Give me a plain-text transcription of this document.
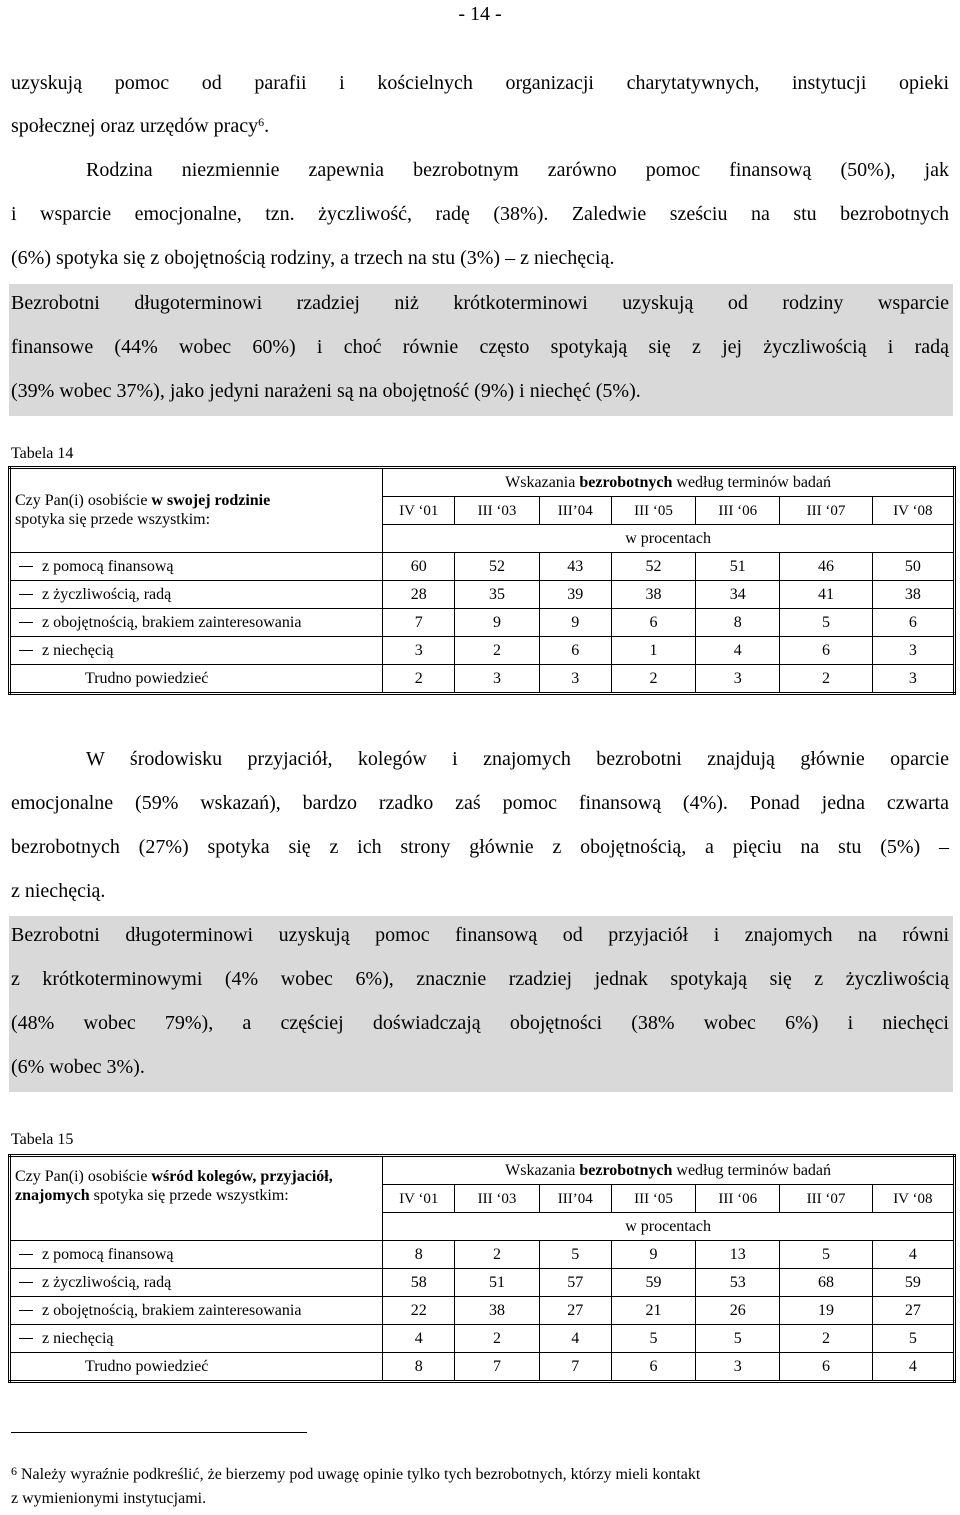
- 14 -
uzyskują pomoc od parafii i kościelnych organizacji charytatywnych, instytucji opieki
społecznej oraz urzędów pracy$^6$.
Rodzina niezmiennie zapewnia bezrobotnym zarówno pomoc finansową (50%), jak
i wsparcie emocjonalne, tzn. życzliwość, radę (38%). Zaledwie sześciu na stu bezrobotnych
(6%) spotyka się z obojętnością rodziny, a trzech na stu (3%) – z niechęcią.
Bezrobotni długoterminowi rzadziej niż krótkoterminowi uzyskują od rodziny wsparcie
finansowe (44% wobec 60%) i choć równie często spotykają się z jej życzliwością i radą
(39% wobec 37%), jako jedyni narażeni są na obojętność (9%) i niechęć (5%).
Tabela 14
Czy Pan(i) osobiście w swojej rodzinie
spotyka się przede wszystkim:	Wskazania bezrobotnych według terminów badań						
	IV ‘01	III ‘03	III’04	III ‘05	III ‘06	III ‘07	IV ‘08
	w procentach						
z pomocą finansową	60	52	43	52	51	46	50
z życzliwością, radą	28	35	39	38	34	41	38
z obojętnością, brakiem zainteresowania	7	9	9	6	8	5	6
z niechęcią	3	2	6	1	4	6	3
Trudno powiedzieć	2	3	3	2	3	2	3
W środowisku przyjaciół, kolegów i znajomych bezrobotni znajdują głównie oparcie
emocjonalne (59% wskazań), bardzo rzadko zaś pomoc finansową (4%). Ponad jedna czwarta
bezrobotnych (27%) spotyka się z ich strony głównie z obojętnością, a pięciu na stu (5%) –
z niechęcią.
Bezrobotni długoterminowi uzyskują pomoc finansową od przyjaciół i znajomych na równi
z krótkoterminowymi (4% wobec 6%), znacznie rzadziej jednak spotykają się z życzliwością
(48% wobec 79%), a częściej doświadczają obojętności (38% wobec 6%) i niechęci
(6% wobec 3%).
Tabela 15
Czy Pan(i) osobiście wśród kolegów, przyjaciół, znajomych spotyka się przede wszystkim:	Wskazania bezrobotnych według terminów badań						
	IV ‘01	III ‘03	III’04	III ‘05	III ‘06	III ‘07	IV ‘08
	w procentach						
z pomocą finansową	8	2	5	9	13	5	4
z życzliwością, radą	58	51	57	59	53	68	59
z obojętnością, brakiem zainteresowania	22	38	27	21	26	19	27
z niechęcią	4	2	4	5	5	2	5
Trudno powiedzieć	8	7	7	6	3	6	4
$^6$ Należy wyraźnie podkreślić, że bierzemy pod uwagę opinie tylko tych bezrobotnych, którzy mieli kontakt
z wymienionymi instytucjami.
